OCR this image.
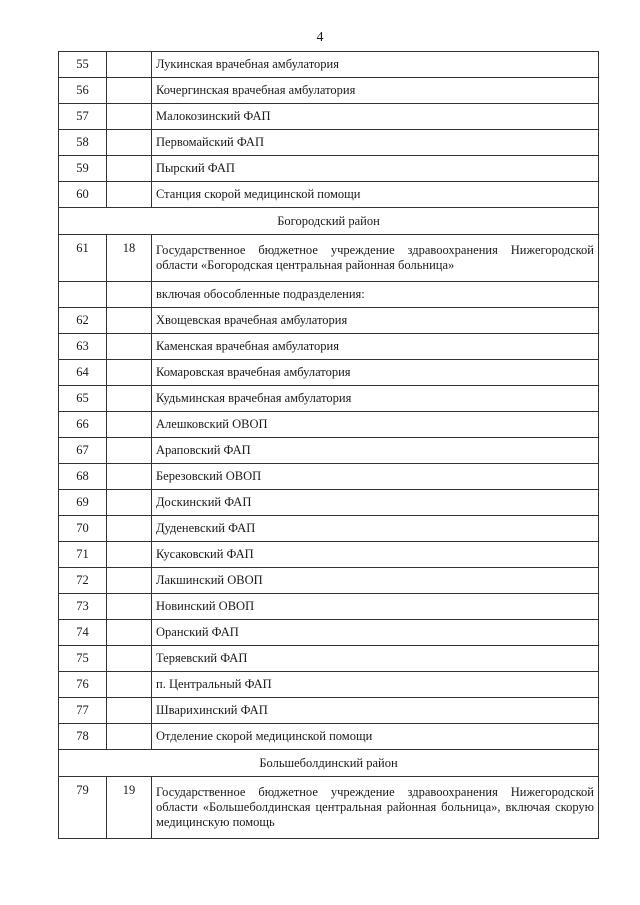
4
55		Лукинская врачебная амбулатория
56		Кочергинская врачебная амбулатория
57		Малокозинский ФАП
58		Первомайский ФАП
59		Пырский ФАП
60		Станция скорой медицинской помощи
Богородский район		
61	18	Государственное бюджетное учреждение здравоохранения Нижегородской области «Богородская центральная районная больница»
		включая обособленные подразделения:
62		Хвощевская врачебная амбулатория
63		Каменская врачебная амбулатория
64		Комаровская врачебная амбулатория
65		Кудьминская врачебная амбулатория
66		Алешковский ОВОП
67		Араповский ФАП
68		Березовский ОВОП
69		Доскинский ФАП
70		Дуденевский ФАП
71		Кусаковский ФАП
72		Лакшинский ОВОП
73		Новинский ОВОП
74		Оранский ФАП
75		Теряевский ФАП
76		п. Центральный ФАП
77		Шварихинский ФАП
78		Отделение скорой медицинской помощи
Большеболдинский район		
79	19	Государственное бюджетное учреждение здравоохранения Нижегородской области «Большеболдинская центральная районная больница», включая скорую медицинскую помощь
